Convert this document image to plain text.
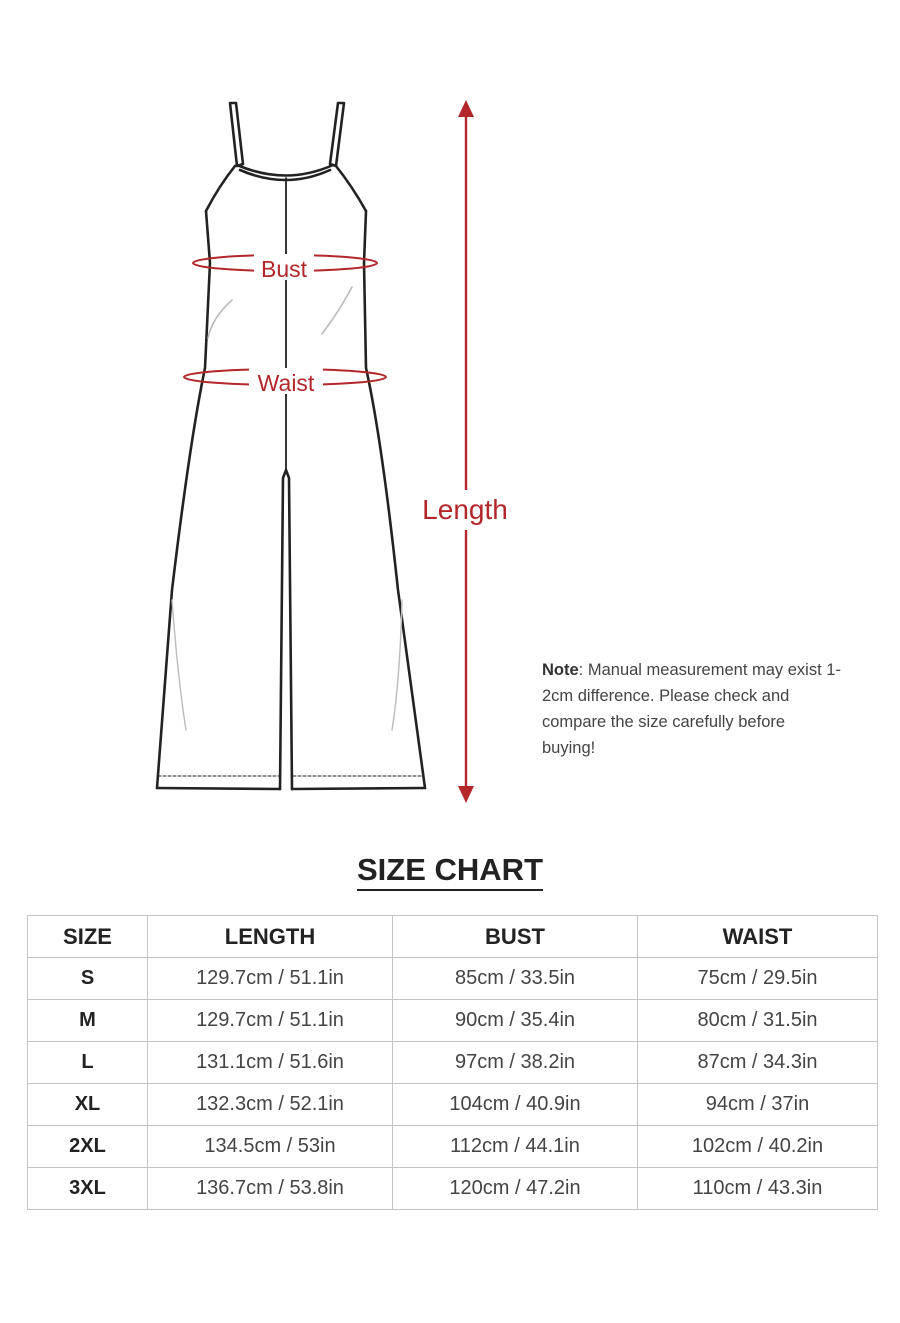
Bust
Waist
Length
Note: Manual measurement may exist 1-2cm difference. Please check and compare the size carefully before buying!
SIZE CHART
SIZE	LENGTH	BUST	WAIST
S	129.7cm / 51.1in	85cm / 33.5in	75cm / 29.5in
M	129.7cm / 51.1in	90cm / 35.4in	80cm / 31.5in
L	131.1cm / 51.6in	97cm / 38.2in	87cm / 34.3in
XL	132.3cm / 52.1in	104cm / 40.9in	94cm / 37in
2XL	134.5cm / 53in	112cm / 44.1in	102cm / 40.2in
3XL	136.7cm / 53.8in	120cm / 47.2in	110cm / 43.3in
